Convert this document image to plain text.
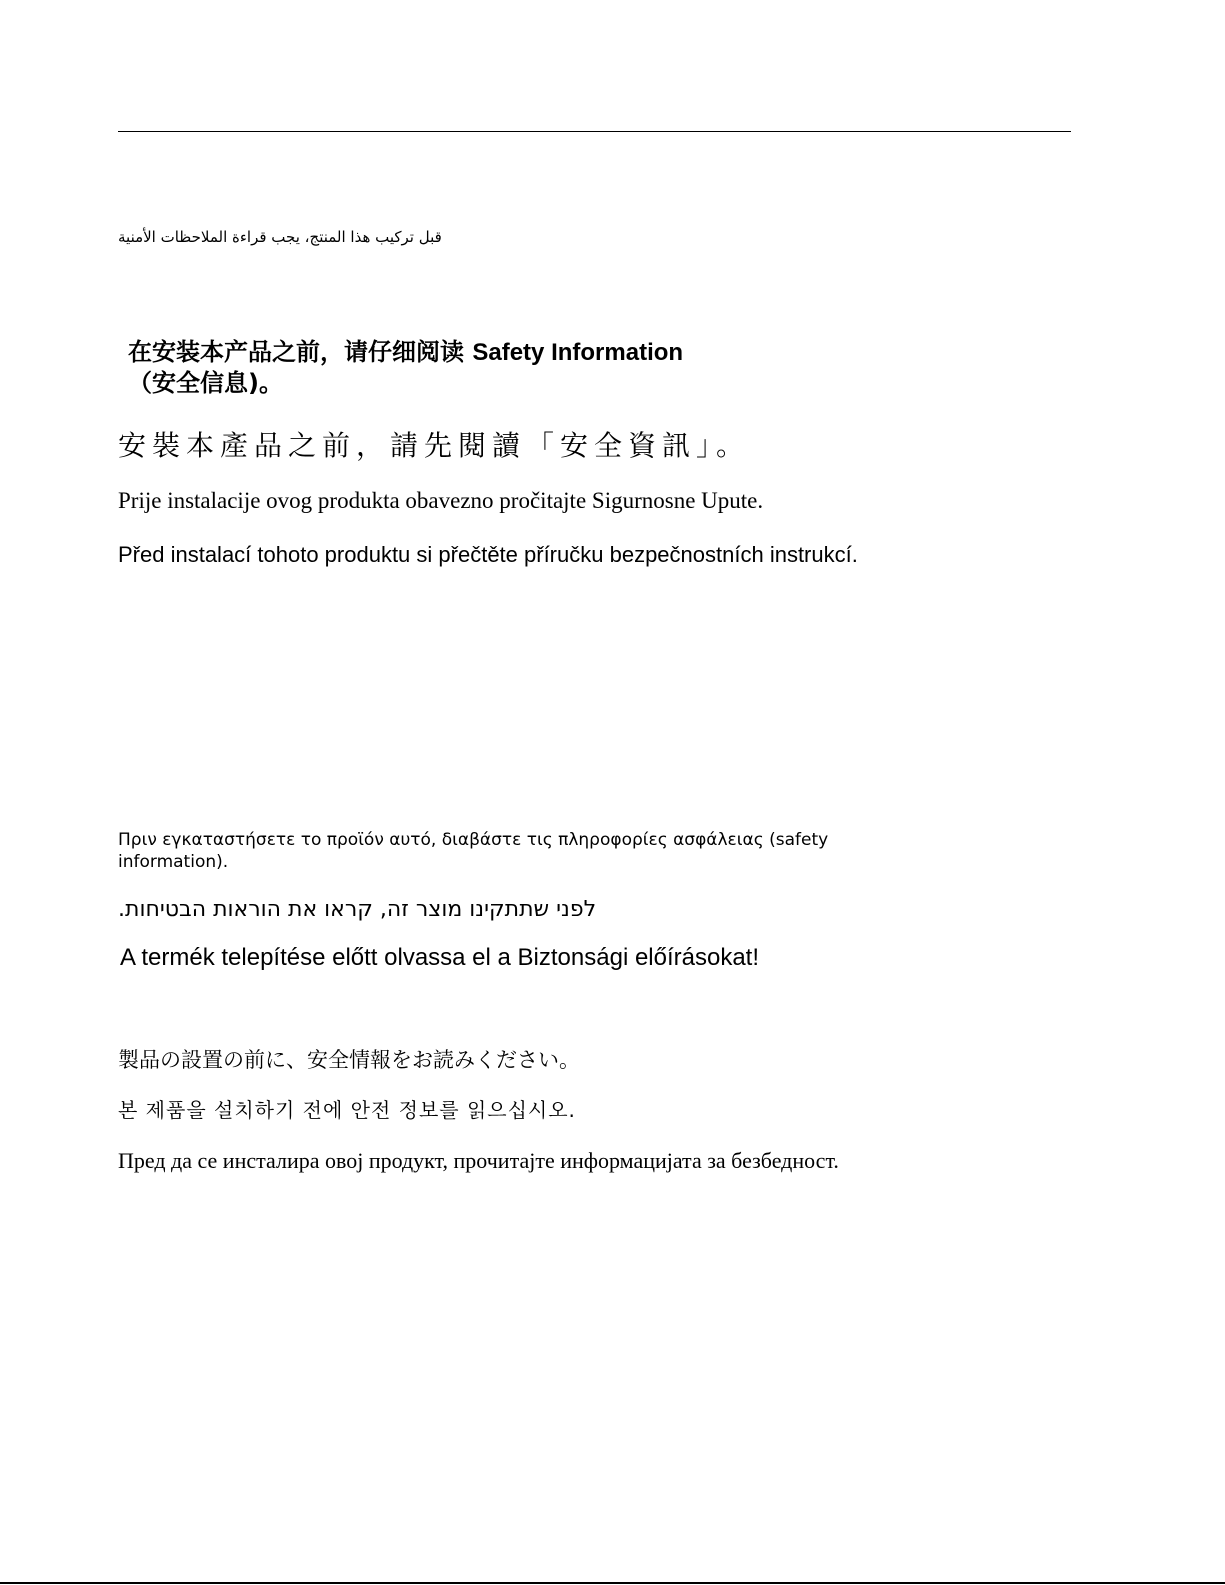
قبل تركيب هذا المنتج، يجب قراءة الملاحظات الأمنية

在安装本产品之前，请仔细阅读 Safety Information
（安全信息)。

安裝本產品之前，請先閱讀「安全資訊」。

Prije instalacije ovog produkta obavezno pročitajte Sigurnosne Upute.

Před instalací tohoto produktu si přečtěte příručku bezpečnostních instrukcí.

Πριν εγκαταστήσετε το προϊόν αυτό, διαβάστε τις πληροφορίες ασφάλειας (safety information).

לפני שתתקינו מוצר זה, קראו את הוראות הבטיחות.

A termék telepítése előtt olvassa el a Biztonsági előírásokat!

製品の設置の前に、安全情報をお読みください。

본 제품을 설치하기 전에 안전 정보를 읽으십시오.

Пред да се инсталира овој продукт, прочитајте информацијата за безбедност.
